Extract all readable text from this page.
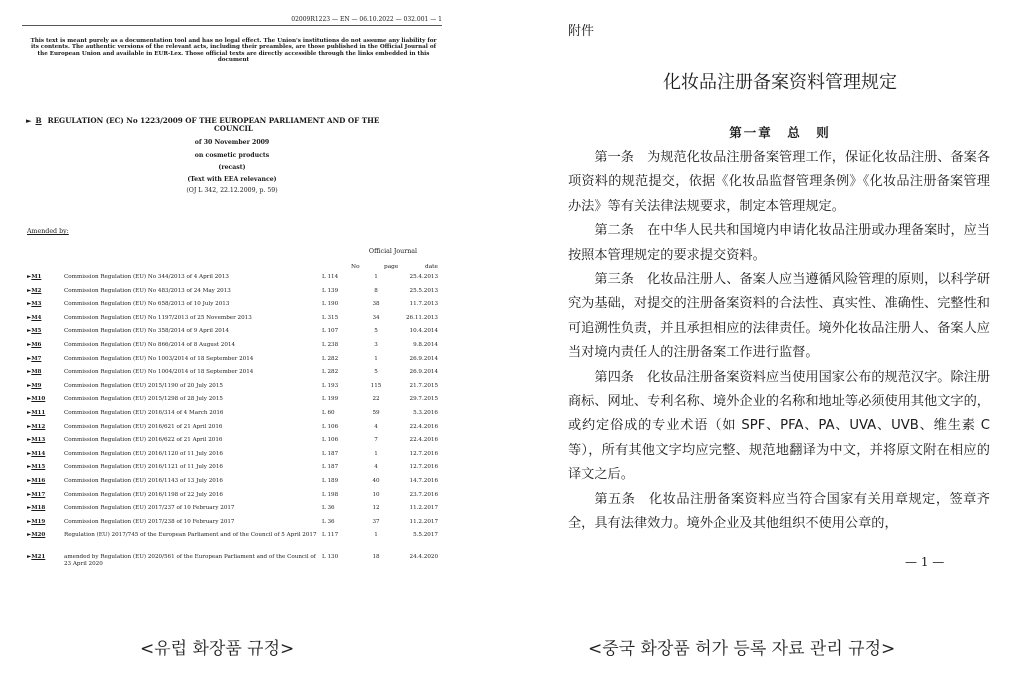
02009R1223 — EN — 06.10.2022 — 032.001 — 1
This text is meant purely as a documentation tool and has no legal effect. The Union's institutions do not assume any liability for its contents. The authentic versions of the relevant acts, including their preambles, are those published in the Official Journal of the European Union and available in EUR-Lex. Those official texts are directly accessible through the links embedded in this document
► B REGULATION (EC) No 1223/2009 OF THE EUROPEAN PARLIAMENT AND OF THE
COUNCIL
of 30 November 2009
on cosmetic products
(recast)
(Text with EEA relevance)
(OJ L 342, 22.12.2009, p. 59)
Amended by:
Official Journal
No	page	date
►M1	Commission Regulation (EU) No 344/2013 of 4 April 2013	L 114	1	25.4.2013
►M2	Commission Regulation (EU) No 483/2013 of 24 May 2013	L 139	8	25.5.2013
►M3	Commission Regulation (EU) No 658/2013 of 10 July 2013	L 190	38	11.7.2013
►M4	Commission Regulation (EU) No 1197/2013 of 25 November 2013	L 315	34	26.11.2013
►M5	Commission Regulation (EU) No 358/2014 of 9 April 2014	L 107	5	10.4.2014
►M6	Commission Regulation (EU) No 866/2014 of 8 August 2014	L 238	3	9.8.2014
►M7	Commission Regulation (EU) No 1003/2014 of 18 September 2014	L 282	1	26.9.2014
►M8	Commission Regulation (EU) No 1004/2014 of 18 September 2014	L 282	5	26.9.2014
►M9	Commission Regulation (EU) 2015/1190 of 20 July 2015	L 193	115	21.7.2015
►M10	Commission Regulation (EU) 2015/1298 of 28 July 2015	L 199	22	29.7.2015
►M11	Commission Regulation (EU) 2016/314 of 4 March 2016	L 60	59	5.3.2016
►M12	Commission Regulation (EU) 2016/621 of 21 April 2016	L 106	4	22.4.2016
►M13	Commission Regulation (EU) 2016/622 of 21 April 2016	L 106	7	22.4.2016
►M14	Commission Regulation (EU) 2016/1120 of 11 July 2016	L 187	1	12.7.2016
►M15	Commission Regulation (EU) 2016/1121 of 11 July 2016	L 187	4	12.7.2016
►M16	Commission Regulation (EU) 2016/1143 of 13 July 2016	L 189	40	14.7.2016
►M17	Commission Regulation (EU) 2016/1198 of 22 July 2016	L 198	10	23.7.2016
►M18	Commission Regulation (EU) 2017/237 of 10 February 2017	L 36	12	11.2.2017
►M19	Commission Regulation (EU) 2017/238 of 10 February 2017	L 36	37	11.2.2017
►M20	Regulation (EU) 2017/745 of the European Parliament and of the Council of 5 April 2017	L 117	1	5.5.2017
►M21	amended by Regulation (EU) 2020/561 of the European Parliament and of the Council of 23 April 2020	L 130	18	24.4.2020
附件
化妆品注册备案资料管理规定
第一章　总　则

第一条　为规范化妆品注册备案管理工作，保证化妆品注册、备案各项资料的规范提交，依据《化妆品监督管理条例》《化妆品注册备案管理办法》等有关法律法规要求，制定本管理规定。

第二条　在中华人民共和国境内申请化妆品注册或办理备案时，应当按照本管理规定的要求提交资料。

第三条　化妆品注册人、备案人应当遵循风险管理的原则，以科学研究为基础，对提交的注册备案资料的合法性、真实性、准确性、完整性和可追溯性负责，并且承担相应的法律责任。境外化妆品注册人、备案人应当对境内责任人的注册备案工作进行监督。

第四条　化妆品注册备案资料应当使用国家公布的规范汉字。除注册商标、网址、专利名称、境外企业的名称和地址等必须使用其他文字的，或约定俗成的专业术语（如 SPF、PFA、PA、UVA、UVB、维生素 C 等），所有其他文字均应完整、规范地翻译为中文，并将原文附在相应的译文之后。

第五条　化妆品注册备案资料应当符合国家有关用章规定，签章齐全，具有法律效力。境外企业及其他组织不使用公章的，

— 1 —
<유럽 화장품 규정>	<중국 화장품 허가 등록 자료 관리 규정>
